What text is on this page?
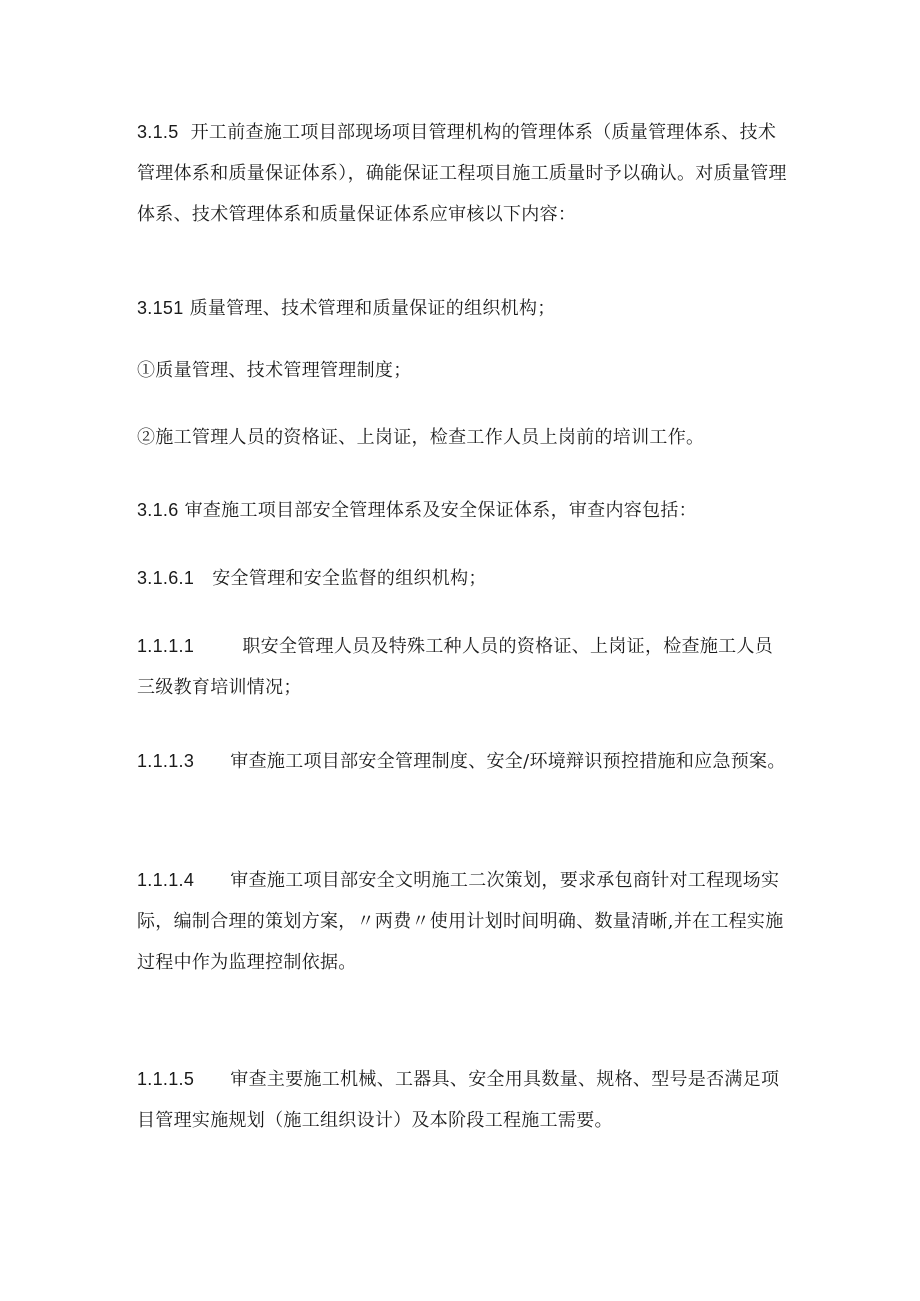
3.1.5 开工前查施工项目部现场项目管理机构的管理体系（质量管理体系、技术管理体系和质量保证体系），确能保证工程项目施工质量时予以确认。对质量管理体系、技术管理体系和质量保证体系应审核以下内容：

3.151 质量管理、技术管理和质量保证的组织机构；

①质量管理、技术管理管理制度；

②施工管理人员的资格证、上岗证，检查工作人员上岗前的培训工作。

3.1.6 审查施工项目部安全管理体系及安全保证体系，审查内容包括：

3.1.6.1 安全管理和安全监督的组织机构；

1.1.1.1	职安全管理人员及特殊工种人员的资格证、上岗证，检查施工人员三级教育培训情况；

1.1.1.3 审查施工项目部安全管理制度、安全/环境辩识预控措施和应急预案。

1.1.1.4 审查施工项目部安全文明施工二次策划，要求承包商针对工程现场实际，编制合理的策划方案，〃两费〃使用计划时间明确、数量清晰,并在工程实施过程中作为监理控制依据。

1.1.1.5 审查主要施工机械、工器具、安全用具数量、规格、型号是否满足项目管理实施规划（施工组织设计）及本阶段工程施工需要。
